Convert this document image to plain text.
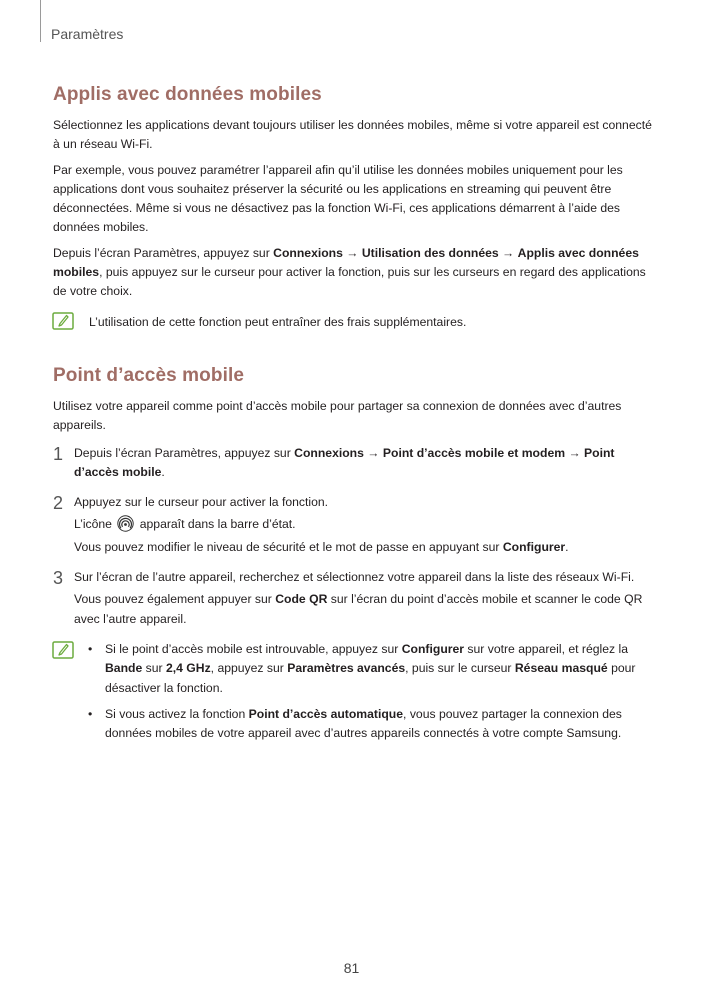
Paramètres
Applis avec données mobiles

Sélectionnez les applications devant toujours utiliser les données mobiles, même si votre appareil est connecté à un réseau Wi-Fi.

Par exemple, vous pouvez paramétrer l’appareil afin qu’il utilise les données mobiles uniquement pour les applications dont vous souhaitez préserver la sécurité ou les applications en streaming qui peuvent être déconnectées. Même si vous ne désactivez pas la fonction Wi-Fi, ces applications démarrent à l’aide des données mobiles.

Depuis l’écran Paramètres, appuyez sur Connexions → Utilisation des données → Applis avec données mobiles, puis appuyez sur le curseur pour activer la fonction, puis sur les curseurs en regard des applications de votre choix.

L’utilisation de cette fonction peut entraîner des frais supplémentaires.
Point d’accès mobile

Utilisez votre appareil comme point d’accès mobile pour partager sa connexion de données avec d’autres appareils.

1 Depuis l’écran Paramètres, appuyez sur Connexions → Point d’accès mobile et modem → Point d’accès mobile.

2 Appuyez sur le curseur pour activer la fonction.

L’icône  apparaît dans la barre d’état.

Vous pouvez modifier le niveau de sécurité et le mot de passe en appuyant sur Configurer.

3 Sur l’écran de l’autre appareil, recherchez et sélectionnez votre appareil dans la liste des réseaux Wi-Fi.

Vous pouvez également appuyer sur Code QR sur l’écran du point d’accès mobile et scanner le code QR avec l’autre appareil.

• Si le point d’accès mobile est introuvable, appuyez sur Configurer sur votre appareil, et réglez la Bande sur 2,4 GHz, appuyez sur Paramètres avancés, puis sur le curseur Réseau masqué pour désactiver la fonction.
• Si vous activez la fonction Point d’accès automatique, vous pouvez partager la connexion des données mobiles de votre appareil avec d’autres appareils connectés à votre compte Samsung.
81
